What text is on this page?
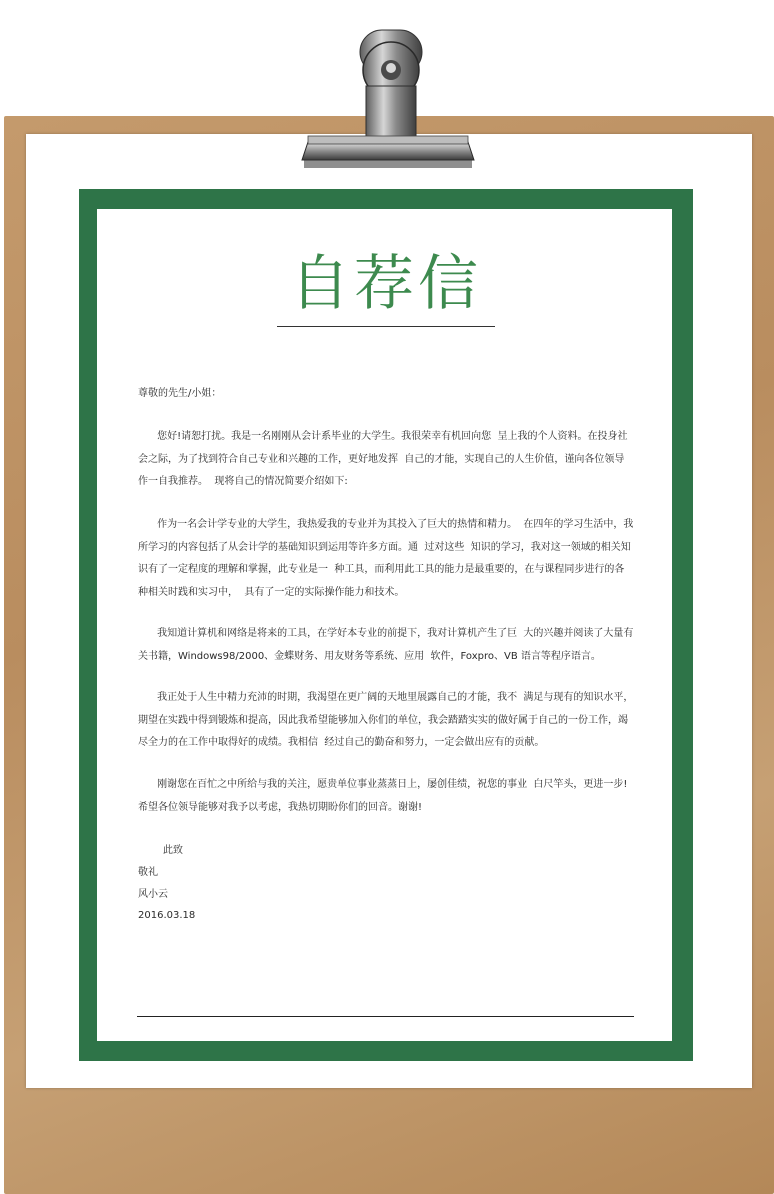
自荐信
尊敬的先生/小姐：
您好!请恕打扰。我是一名刚刚从会计系毕业的大学生。我很荣幸有机回向您  呈上我的个人资料。在投身社会之际，为了找到符合自己专业和兴趣的工作，更好地发挥  自己的才能，实现自己的人生价值，谨向各位领导作一自我推荐。  现将自己的情况简要介绍如下:
作为一名会计学专业的大学生，我热爱我的专业并为其投入了巨大的热情和精力。  在四年的学习生活中，我所学习的内容包括了从会计学的基础知识到运用等许多方面。通  过对这些  知识的学习，我对这一领域的相关知识有了一定程度的理解和掌握，此专业是一  种工具，而利用此工具的能力是最重要的，在与课程同步进行的各种相关时践和实习中，  具有了一定的实际操作能力和技术。
我知道计算机和网络是将来的工具，在学好本专业的前提下，我对计算机产生了巨  大的兴趣并阅读了大量有关书籍，Windows98/2000、金蝶财务、用友财务等系统、应用  软件，Foxpro、VB 语言等程序语言。
我正处于人生中精力充沛的时期，我渴望在更广阔的天地里展露自己的才能，我不  满足与现有的知识水平，期望在实践中得到锻炼和提高，因此我希望能够加入你们的单位，我会踏踏实实的做好属于自己的一份工作，竭尽全力的在工作中取得好的成绩。我相信  经过自己的勤奋和努力，一定会做出应有的贡献。
刚谢您在百忙之中所给与我的关注，愿贵单位事业蒸蒸日上，屡创佳绩，祝您的事业  白尺竿头，更进一步!  希望各位领导能够对我予以考虑，我热切期盼你们的回音。谢谢!
此致
敬礼
风小云
2016.03.18
